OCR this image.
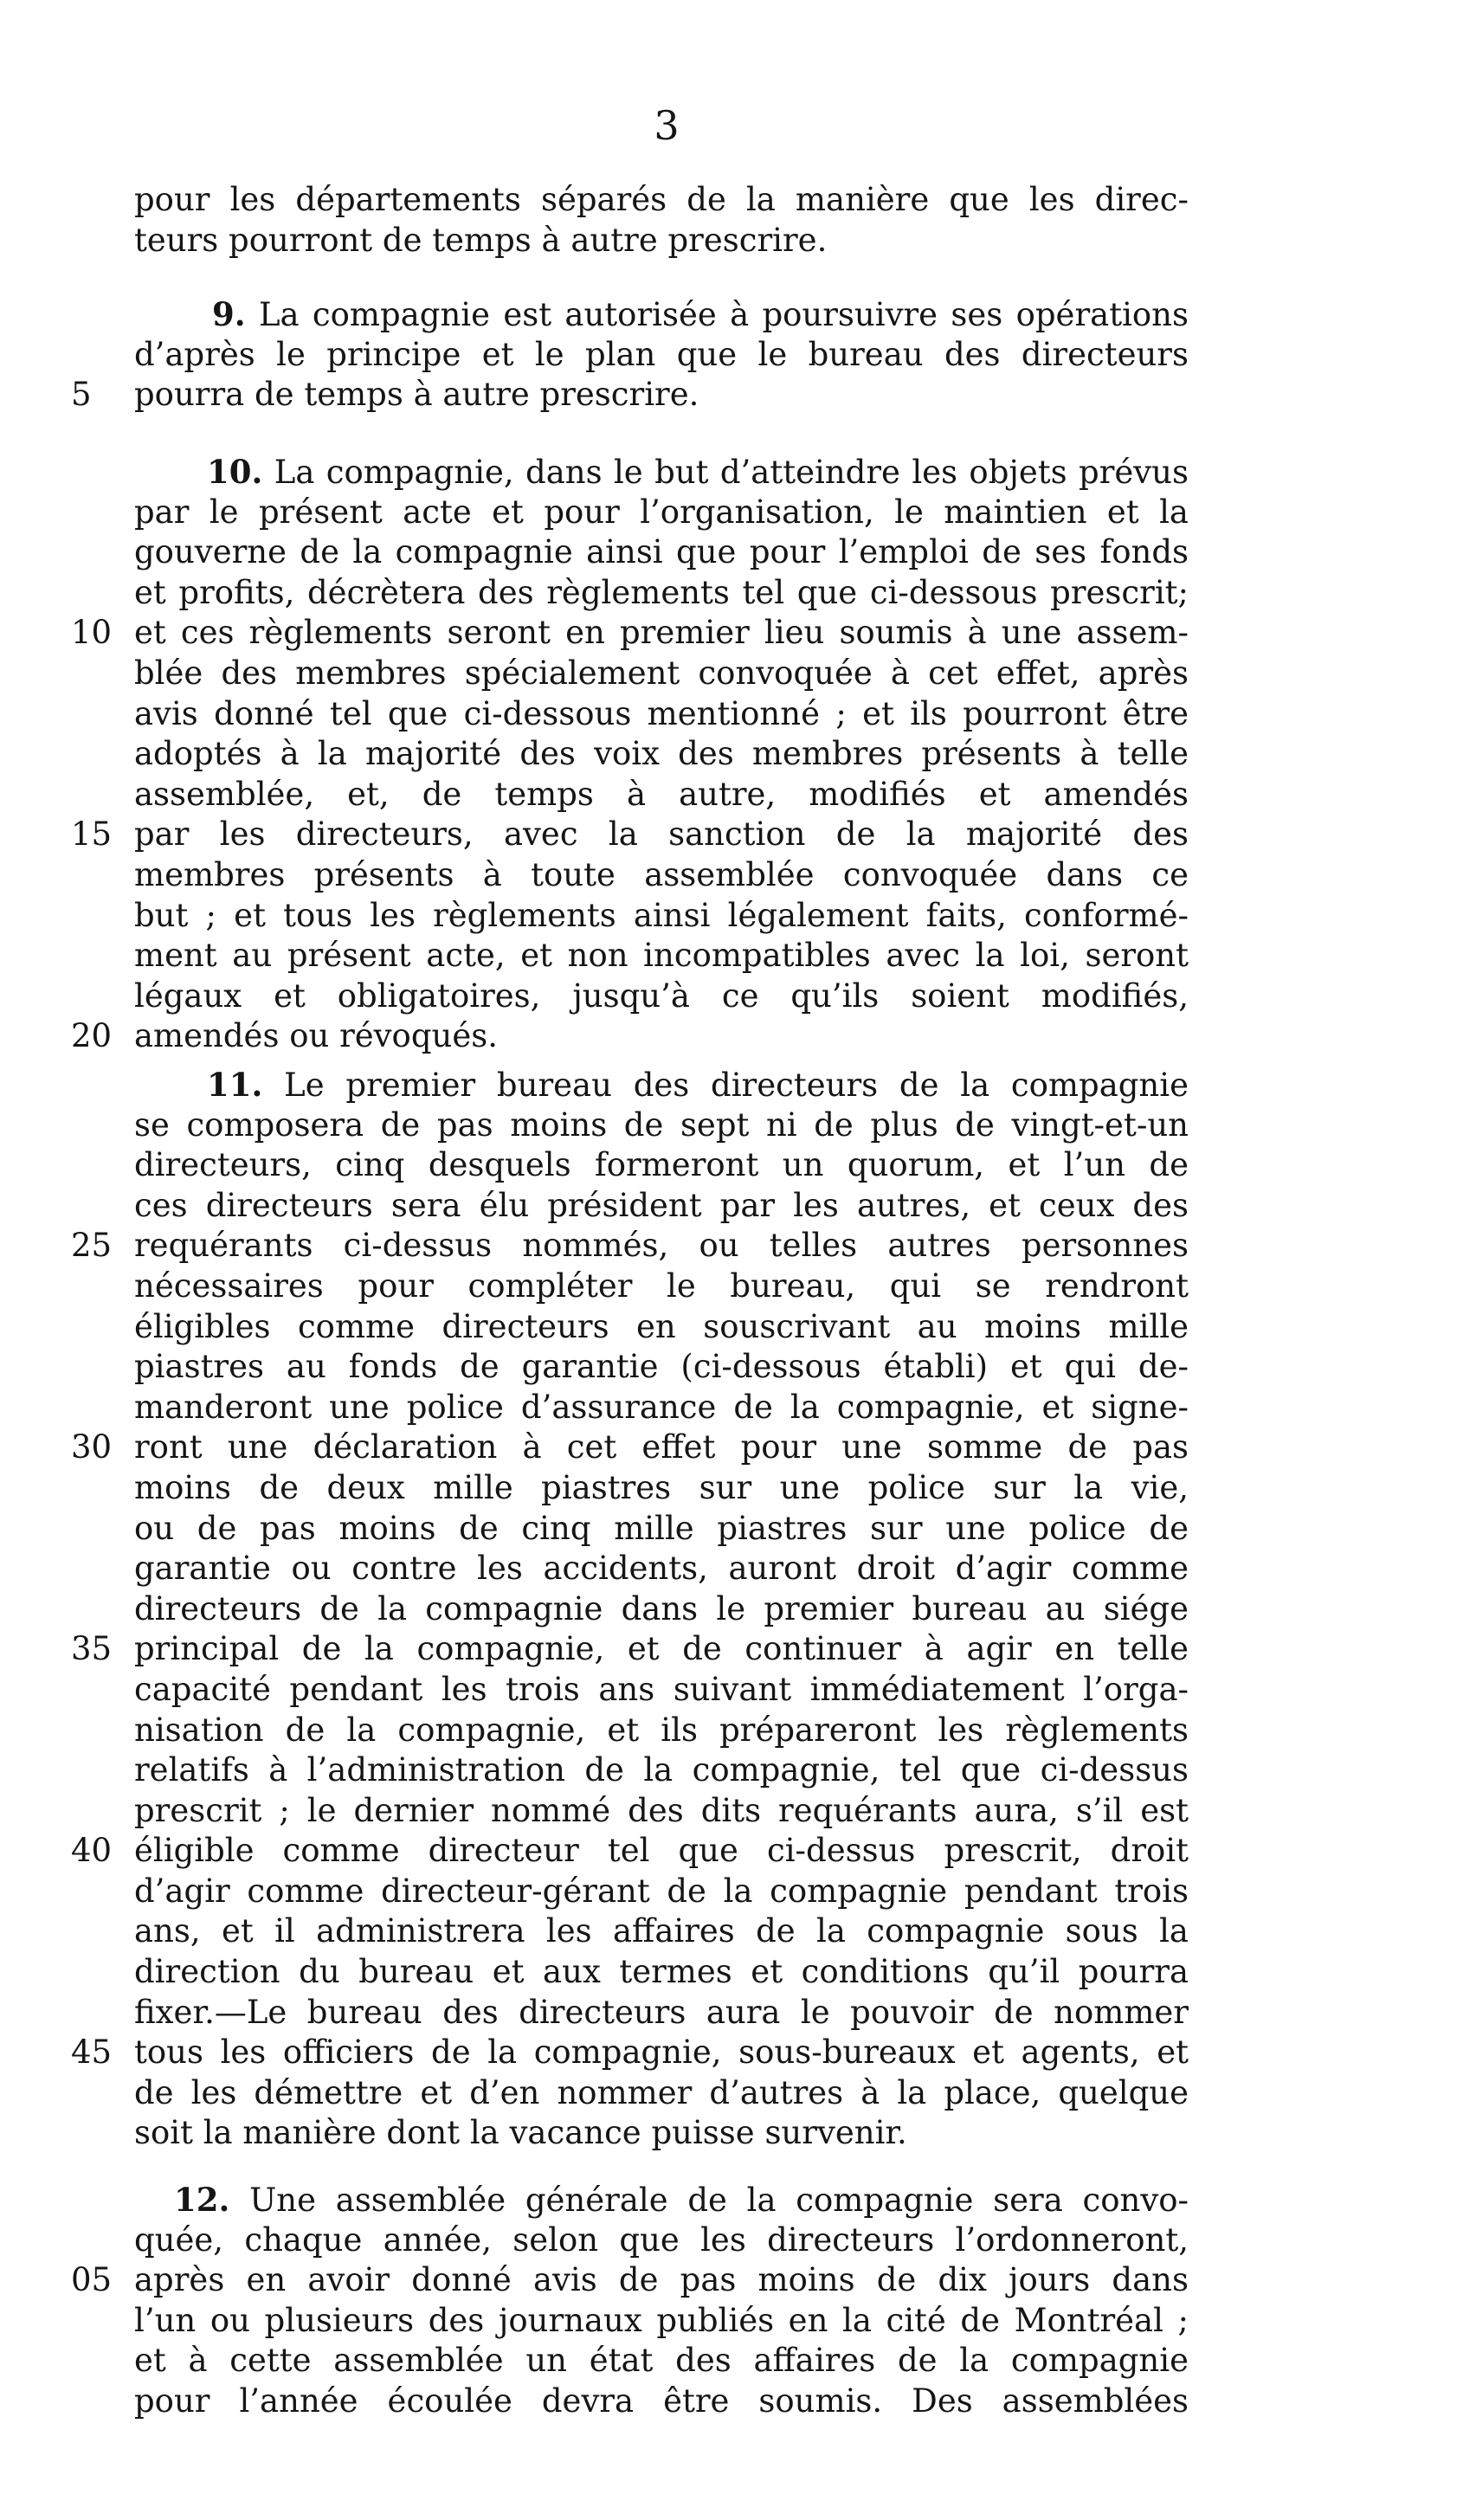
3
pour les départements séparés de la manière que les direc-
teurs pourront de temps à autre prescrire.
9. La compagnie est autorisée à poursuivre ses opérations
d’après le principe et le plan que le bureau des directeurs
pourra de temps à autre prescrire.
10. La compagnie, dans le but d’atteindre les objets prévus
par le présent acte et pour l’organisation, le maintien et la
gouverne de la compagnie ainsi que pour l’emploi de ses fonds
et profits, décrètera des règlements tel que ci-dessous prescrit;
et ces règlements seront en premier lieu soumis à une assem-
blée des membres spécialement convoquée à cet effet, après
avis donné tel que ci-dessous mentionné ; et ils pourront être
adoptés à la majorité des voix des membres présents à telle
assemblée, et, de temps à autre, modifiés et amendés
par les directeurs, avec la sanction de la majorité des
membres présents à toute assemblée convoquée dans ce
but ; et tous les règlements ainsi légalement faits, conformé-
ment au présent acte, et non incompatibles avec la loi, seront
légaux et obligatoires, jusqu’à ce qu’ils soient modifiés,
amendés ou révoqués.
11. Le premier bureau des directeurs de la compagnie
se composera de pas moins de sept ni de plus de vingt-et-un
directeurs, cinq desquels formeront un quorum, et l’un de
ces directeurs sera élu président par les autres, et ceux des
requérants ci-dessus nommés, ou telles autres personnes
nécessaires pour compléter le bureau, qui se rendront
éligibles comme directeurs en souscrivant au moins mille
piastres au fonds de garantie (ci-dessous établi) et qui de-
manderont une police d’assurance de la compagnie, et signe-
ront une déclaration à cet effet pour une somme de pas
moins de deux mille piastres sur une police sur la vie,
ou de pas moins de cinq mille piastres sur une police de
garantie ou contre les accidents, auront droit d’agir comme
directeurs de la compagnie dans le premier bureau au siége
principal de la compagnie, et de continuer à agir en telle
capacité pendant les trois ans suivant immédiatement l’orga-
nisation de la compagnie, et ils prépareront les règlements
relatifs à l’administration de la compagnie, tel que ci-dessus
prescrit ; le dernier nommé des dits requérants aura, s’il est
éligible comme directeur tel que ci-dessus prescrit, droit
d’agir comme directeur-gérant de la compagnie pendant trois
ans, et il administrera les affaires de la compagnie sous la
direction du bureau et aux termes et conditions qu’il pourra
fixer.—Le bureau des directeurs aura le pouvoir de nommer
tous les officiers de la compagnie, sous-bureaux et agents, et
de les démettre et d’en nommer d’autres à la place, quelque
soit la manière dont la vacance puisse survenir.
12. Une assemblée générale de la compagnie sera convo-
quée, chaque année, selon que les directeurs l’ordonneront,
après en avoir donné avis de pas moins de dix jours dans
l’un ou plusieurs des journaux publiés en la cité de Montréal ;
et à cette assemblée un état des affaires de la compagnie
pour l’année écoulée devra être soumis. Des assemblées
5
10
15
20
25
30
35
40
45
05
